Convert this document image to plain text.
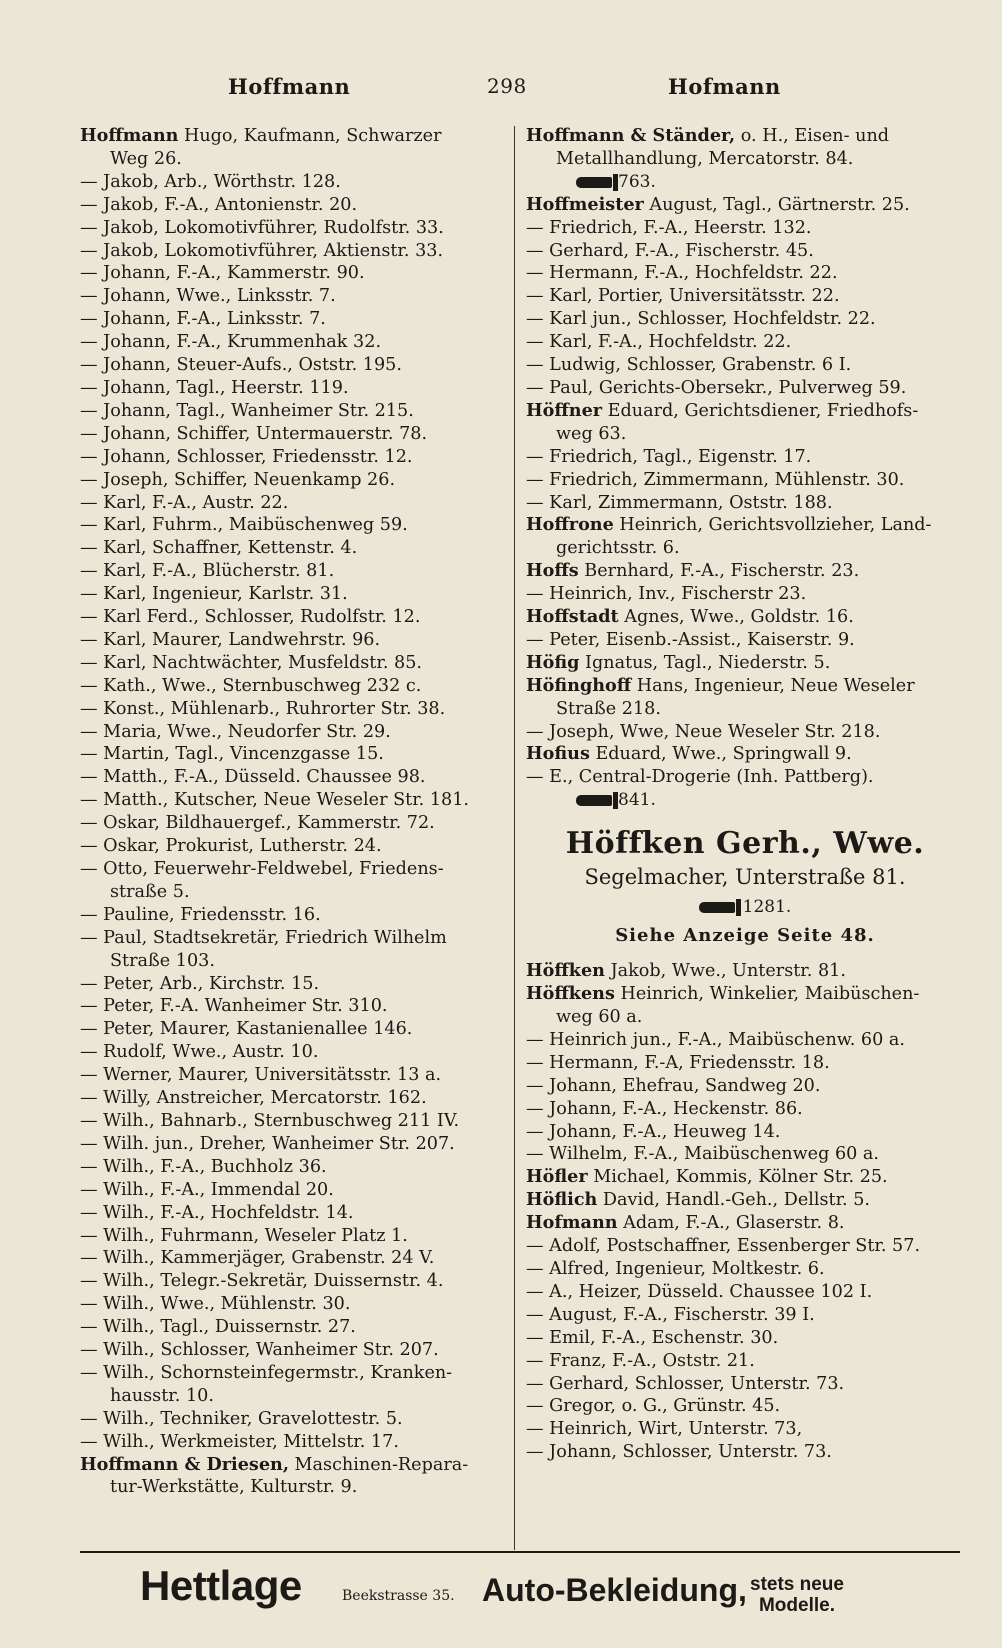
Hoffmann	298	Hofmann
Hoffmann Hugo, Kaufmann, Schwarzer
Weg 26.
— Jakob, Arb., Wörthstr. 128.
— Jakob, F.-A., Antonienstr. 20.
— Jakob, Lokomotivführer, Rudolfstr. 33.
— Jakob, Lokomotivführer, Aktienstr. 33.
— Johann, F.-A., Kammerstr. 90.
— Johann, Wwe., Linksstr. 7.
— Johann, F.-A., Linksstr. 7.
— Johann, F.-A., Krummenhak 32.
— Johann, Steuer-Aufs., Oststr. 195.
— Johann, Tagl., Heerstr. 119.
— Johann, Tagl., Wanheimer Str. 215.
— Johann, Schiffer, Untermauerstr. 78.
— Johann, Schlosser, Friedensstr. 12.
— Joseph, Schiffer, Neuenkamp 26.
— Karl, F.-A., Austr. 22.
— Karl, Fuhrm., Maibüschenweg 59.
— Karl, Schaffner, Kettenstr. 4.
— Karl, F.-A., Blücherstr. 81.
— Karl, Ingenieur, Karlstr. 31.
— Karl Ferd., Schlosser, Rudolfstr. 12.
— Karl, Maurer, Landwehrstr. 96.
— Karl, Nachtwächter, Musfeldstr. 85.
— Kath., Wwe., Sternbuschweg 232 c.
— Konst., Mühlenarb., Ruhrorter Str. 38.
— Maria, Wwe., Neudorfer Str. 29.
— Martin, Tagl., Vincenzgasse 15.
— Matth., F.-A., Düsseld. Chaussee 98.
— Matth., Kutscher, Neue Weseler Str. 181.
— Oskar, Bildhauergef., Kammerstr. 72.
— Oskar, Prokurist, Lutherstr. 24.
— Otto, Feuerwehr-Feldwebel, Friedens-
straße 5.
— Pauline, Friedensstr. 16.
— Paul, Stadtsekretär, Friedrich Wilhelm
Straße 103.
— Peter, Arb., Kirchstr. 15.
— Peter, F.-A. Wanheimer Str. 310.
— Peter, Maurer, Kastanienallee 146.
— Rudolf, Wwe., Austr. 10.
— Werner, Maurer, Universitätsstr. 13 a.
— Willy, Anstreicher, Mercatorstr. 162.
— Wilh., Bahnarb., Sternbuschweg 211 IV.
— Wilh. jun., Dreher, Wanheimer Str. 207.
— Wilh., F.-A., Buchholz 36.
— Wilh., F.-A., Immendal 20.
— Wilh., F.-A., Hochfeldstr. 14.
— Wilh., Fuhrmann, Weseler Platz 1.
— Wilh., Kammerjäger, Grabenstr. 24 V.
— Wilh., Telegr.-Sekretär, Duissernstr. 4.
— Wilh., Wwe., Mühlenstr. 30.
— Wilh., Tagl., Duissernstr. 27.
— Wilh., Schlosser, Wanheimer Str. 207.
— Wilh., Schornsteinfegermstr., Kranken-
hausstr. 10.
— Wilh., Techniker, Gravelottestr. 5.
— Wilh., Werkmeister, Mittelstr. 17.
Hoffmann & Driesen, Maschinen-Repara-
tur-Werkstätte, Kulturstr. 9.
Hoffmann & Ständer, o. H., Eisen- und
Metallhandlung, Mercatorstr. 84.
763.
Hoffmeister August, Tagl., Gärtnerstr. 25.
— Friedrich, F.-A., Heerstr. 132.
— Gerhard, F.-A., Fischerstr. 45.
— Hermann, F.-A., Hochfeldstr. 22.
— Karl, Portier, Universitätsstr. 22.
— Karl jun., Schlosser, Hochfeldstr. 22.
— Karl, F.-A., Hochfeldstr. 22.
— Ludwig, Schlosser, Grabenstr. 6 I.
— Paul, Gerichts-Obersekr., Pulverweg 59.
Höffner Eduard, Gerichtsdiener, Friedhofs-
weg 63.
— Friedrich, Tagl., Eigenstr. 17.
— Friedrich, Zimmermann, Mühlenstr. 30.
— Karl, Zimmermann, Oststr. 188.
Hoffrone Heinrich, Gerichtsvollzieher, Land-
gerichtsstr. 6.
Hoffs Bernhard, F.-A., Fischerstr. 23.
— Heinrich, Inv., Fischerstr 23.
Hoffstadt Agnes, Wwe., Goldstr. 16.
— Peter, Eisenb.-Assist., Kaiserstr. 9.
Höfig Ignatus, Tagl., Niederstr. 5.
Höfinghoff Hans, Ingenieur, Neue Weseler
Straße 218.
— Joseph, Wwe, Neue Weseler Str. 218.
Hofius Eduard, Wwe., Springwall 9.
— E., Central-Drogerie (Inh. Pattberg).
841.
Höffken Gerh., Wwe.
Segelmacher, Unterstraße 81.
1281.
Siehe Anzeige Seite 48.
Höffken Jakob, Wwe., Unterstr. 81.
Höffkens Heinrich, Winkelier, Maibüschen-
weg 60 a.
— Heinrich jun., F.-A., Maibüschenw. 60 a.
— Hermann, F.-A, Friedensstr. 18.
— Johann, Ehefrau, Sandweg 20.
— Johann, F.-A., Heckenstr. 86.
— Johann, F.-A., Heuweg 14.
— Wilhelm, F.-A., Maibüschenweg 60 a.
Höfler Michael, Kommis, Kölner Str. 25.
Höflich David, Handl.-Geh., Dellstr. 5.
Hofmann Adam, F.-A., Glaserstr. 8.
— Adolf, Postschaffner, Essenberger Str. 57.
— Alfred, Ingenieur, Moltkestr. 6.
— A., Heizer, Düsseld. Chaussee 102 I.
— August, F.-A., Fischerstr. 39 I.
— Emil, F.-A., Eschenstr. 30.
— Franz, F.-A., Oststr. 21.
— Gerhard, Schlosser, Unterstr. 73.
— Gregor, o. G., Grünstr. 45.
— Heinrich, Wirt, Unterstr. 73,
— Johann, Schlosser, Unterstr. 73.
Hettlage	Beekstrasse 35. Auto-Bekleidung, stets neue
Modelle.
